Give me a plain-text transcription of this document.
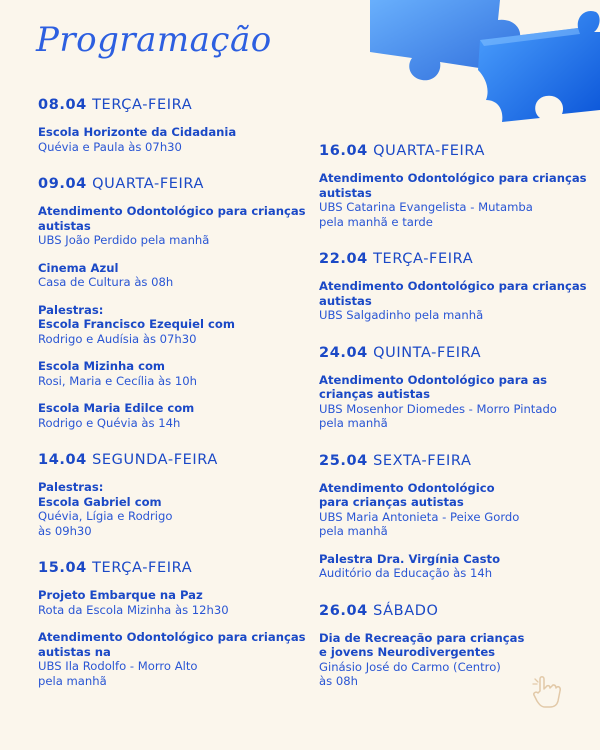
Programação
08.04 TERÇA-FEIRA
Escola Horizonte da Cidadania
Quévia e Paula às 07h30
09.04 QUARTA-FEIRA
Atendimento Odontológico para crianças autistas
UBS João Perdido pela manhã
Cinema Azul
Casa de Cultura às 08h
Palestras:
Escola Francisco Ezequiel com
Rodrigo e Audísia às 07h30
Escola Mizinha com
Rosi, Maria e Cecília às 10h
Escola Maria Edilce com
Rodrigo e Quévia às 14h
14.04 SEGUNDA-FEIRA
Palestras:
Escola Gabriel com
Quévia, Lígia e Rodrigo
às 09h30
15.04 TERÇA-FEIRA
Projeto Embarque na Paz
Rota da Escola Mizinha às 12h30
Atendimento Odontológico para crianças autistas na
UBS Ila Rodolfo - Morro Alto
pela manhã
16.04 QUARTA-FEIRA
Atendimento Odontológico para crianças autistas
UBS Catarina Evangelista - Mutamba
pela manhã e tarde
22.04 TERÇA-FEIRA
Atendimento Odontológico para crianças autistas
UBS Salgadinho pela manhã
24.04 QUINTA-FEIRA
Atendimento Odontológico para as crianças autistas
UBS Mosenhor Diomedes - Morro Pintado
pela manhã
25.04 SEXTA-FEIRA
Atendimento Odontológico
para crianças autistas
UBS Maria Antonieta - Peixe Gordo
pela manhã
Palestra Dra. Virgínia Casto
Auditório da Educação às 14h
26.04 SÁBADO
Dia de Recreação para crianças
e jovens Neurodivergentes
Ginásio José do Carmo (Centro)
às 08h
